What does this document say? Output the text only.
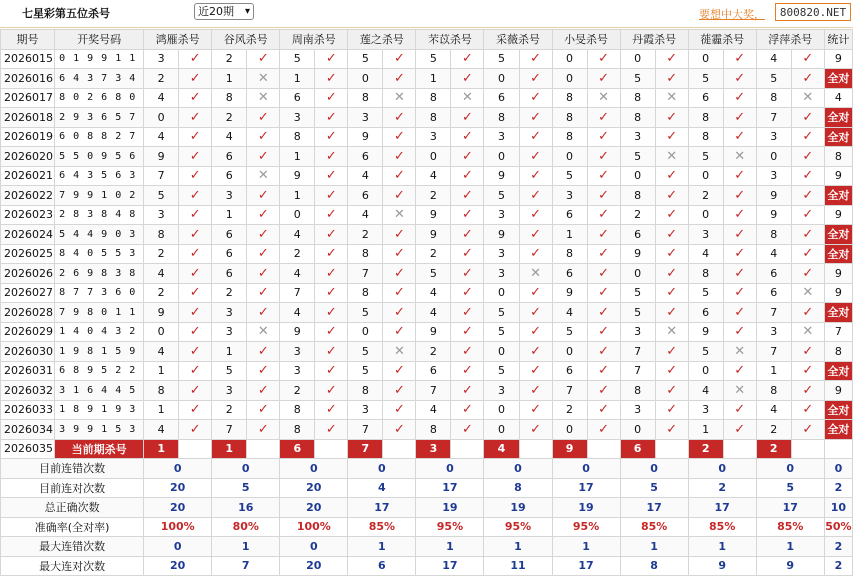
七星彩第五位杀号	近20期 ▾	要想中大奖，	800820.NET
期号	开奖号码	鸿雁杀号		谷风杀号		周南杀号		莲之杀号		芣苡杀号		采薇杀号		小旻杀号		丹霞杀号		蓰霾杀号		浮萍杀号		统计
2026015	0 1 9 9 1 1	3	✓	2	✓	5	✓	5	✓	5	✓	5	✓	0	✓	0	✓	0	✓	4	✓	9
2026016	6 4 3 7 3 4	2	✓	1	✕	1	✓	0	✓	1	✓	0	✓	0	✓	5	✓	5	✓	5	✓	全对
2026017	8 0 2 6 8 0	4	✓	8	✕	6	✓	8	✕	8	✕	6	✓	8	✕	8	✕	6	✓	8	✕	4
2026018	2 9 3 6 5 7	0	✓	2	✓	3	✓	3	✓	8	✓	8	✓	8	✓	8	✓	8	✓	7	✓	全对
2026019	6 0 8 8 2 7	4	✓	4	✓	8	✓	9	✓	3	✓	3	✓	8	✓	3	✓	8	✓	3	✓	全对
2026020	5 5 0 9 5 6	9	✓	6	✓	1	✓	6	✓	0	✓	0	✓	0	✓	5	✕	5	✕	0	✓	8
2026021	6 4 3 5 6 3	7	✓	6	✕	9	✓	4	✓	4	✓	9	✓	5	✓	0	✓	0	✓	3	✓	9
2026022	7 9 9 1 0 2	5	✓	3	✓	1	✓	6	✓	2	✓	5	✓	3	✓	8	✓	2	✓	9	✓	全对
2026023	2 8 3 8 4 8	3	✓	1	✓	0	✓	4	✕	9	✓	3	✓	6	✓	2	✓	0	✓	9	✓	9
2026024	5 4 4 9 0 3	8	✓	6	✓	4	✓	2	✓	9	✓	9	✓	1	✓	6	✓	3	✓	8	✓	全对
2026025	8 4 0 5 5 3	2	✓	6	✓	2	✓	8	✓	2	✓	3	✓	8	✓	9	✓	4	✓	4	✓	全对
2026026	2 6 9 8 3 8	4	✓	6	✓	4	✓	7	✓	5	✓	3	✕	6	✓	0	✓	8	✓	6	✓	9
2026027	8 7 7 3 6 0	2	✓	2	✓	7	✓	8	✓	4	✓	0	✓	9	✓	5	✓	5	✓	6	✕	9
2026028	7 9 8 0 1 1	9	✓	3	✓	4	✓	5	✓	4	✓	5	✓	4	✓	5	✓	6	✓	7	✓	全对
2026029	1 4 0 4 3 2	0	✓	3	✕	9	✓	0	✓	9	✓	5	✓	5	✓	3	✕	9	✓	3	✕	7
2026030	1 9 8 1 5 9	4	✓	1	✓	3	✓	5	✕	2	✓	0	✓	0	✓	7	✓	5	✕	7	✓	8
2026031	6 8 9 5 2 2	1	✓	5	✓	3	✓	5	✓	6	✓	5	✓	6	✓	7	✓	0	✓	1	✓	全对
2026032	3 1 6 4 4 5	8	✓	3	✓	2	✓	8	✓	7	✓	3	✓	7	✓	8	✓	4	✕	8	✓	9
2026033	1 8 9 1 9 3	1	✓	2	✓	8	✓	3	✓	4	✓	0	✓	2	✓	3	✓	3	✓	4	✓	全对
2026034	3 9 9 1 5 3	4	✓	7	✓	8	✓	7	✓	8	✓	0	✓	0	✓	0	✓	1	✓	2	✓	全对
2026035	当前期杀号	1		1		6		7		3		4		9		6		2		2		
目前连错次数		0		0		0		0		0		0		0		0		0		0		0
目前连对次数		20		5		20		4		17		8		17		5		2		5		2
总正确次数		20		16		20		17		19		19		19		17		17		17		10
准确率(全对率)		100%		80%		100%		85%		95%		95%		95%		85%		85%		85%		50%
最大连错次数		0		1		0		1		1		1		1		1		1		1		2
最大连对次数		20		7		20		6		17		11		17		8		9		9		2
